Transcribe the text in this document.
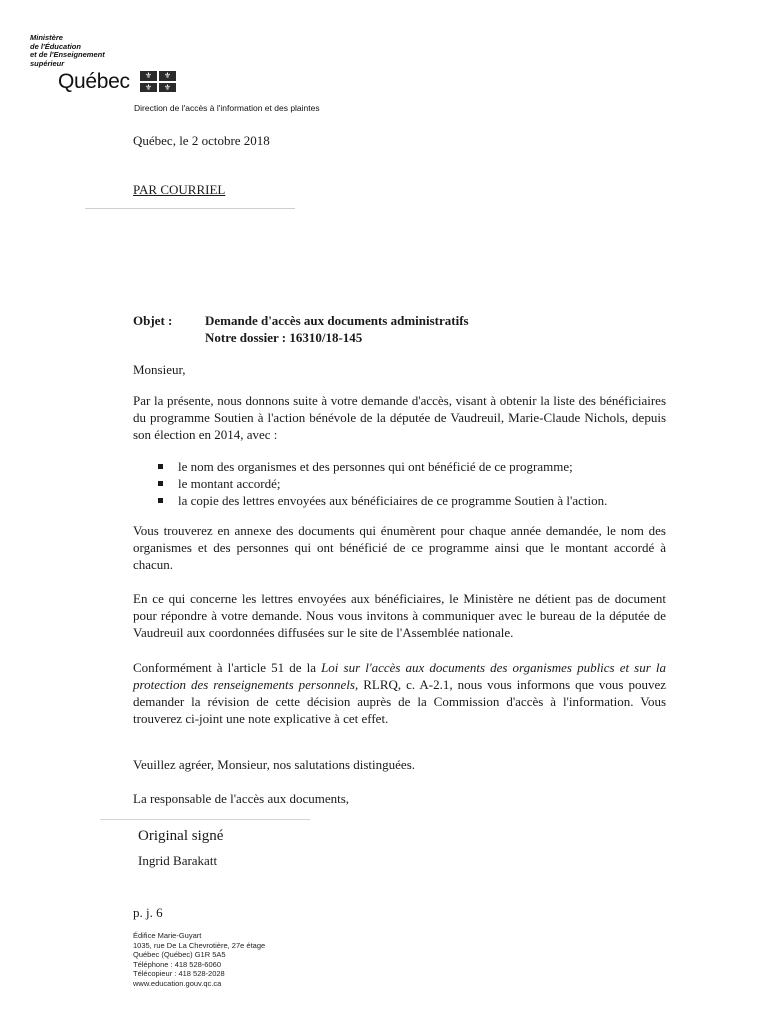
Ministère
de l'Éducation
et de l'Enseignement
supérieur
Québec	⚜	⚜
⚜	⚜
Direction de l'accès à l'information et des plaintes
Québec, le 2 octobre 2018
PAR COURRIEL
Objet :	Demande d'accès aux documents administratifs
Notre dossier : 16310/18-145
Monsieur,
Par la présente, nous donnons suite à votre demande d'accès, visant à obtenir la liste des bénéficiaires du programme Soutien à l'action bénévole de la députée de Vaudreuil, Marie-Claude Nichols, depuis son élection en 2014, avec :
le nom des organismes et des personnes qui ont bénéficié de ce programme;
le montant accordé;
la copie des lettres envoyées aux bénéficiaires de ce programme Soutien à l'action.
Vous trouverez en annexe des documents qui énumèrent pour chaque année demandée, le nom des organismes et des personnes qui ont bénéficié de ce programme ainsi que le montant accordé à chacun.
En ce qui concerne les lettres envoyées aux bénéficiaires, le Ministère ne détient pas de document pour répondre à votre demande. Nous vous invitons à communiquer avec le bureau de la députée de Vaudreuil aux coordonnées diffusées sur le site de l'Assemblée nationale.
Conformément à l'article 51 de la Loi sur l'accès aux documents des organismes publics et sur la protection des renseignements personnels, RLRQ, c. A-2.1, nous vous informons que vous pouvez demander la révision de cette décision auprès de la Commission d'accès à l'information. Vous trouverez ci-joint une note explicative à cet effet.
Veuillez agréer, Monsieur, nos salutations distinguées.
La responsable de l'accès aux documents,
Original signé
Ingrid Barakatt
p. j. 6
Édifice Marie-Guyart
1035, rue De La Chevrotière, 27e étage
Québec (Québec) G1R 5A5
Téléphone : 418 528-6060
Télécopieur : 418 528-2028
www.education.gouv.qc.ca
